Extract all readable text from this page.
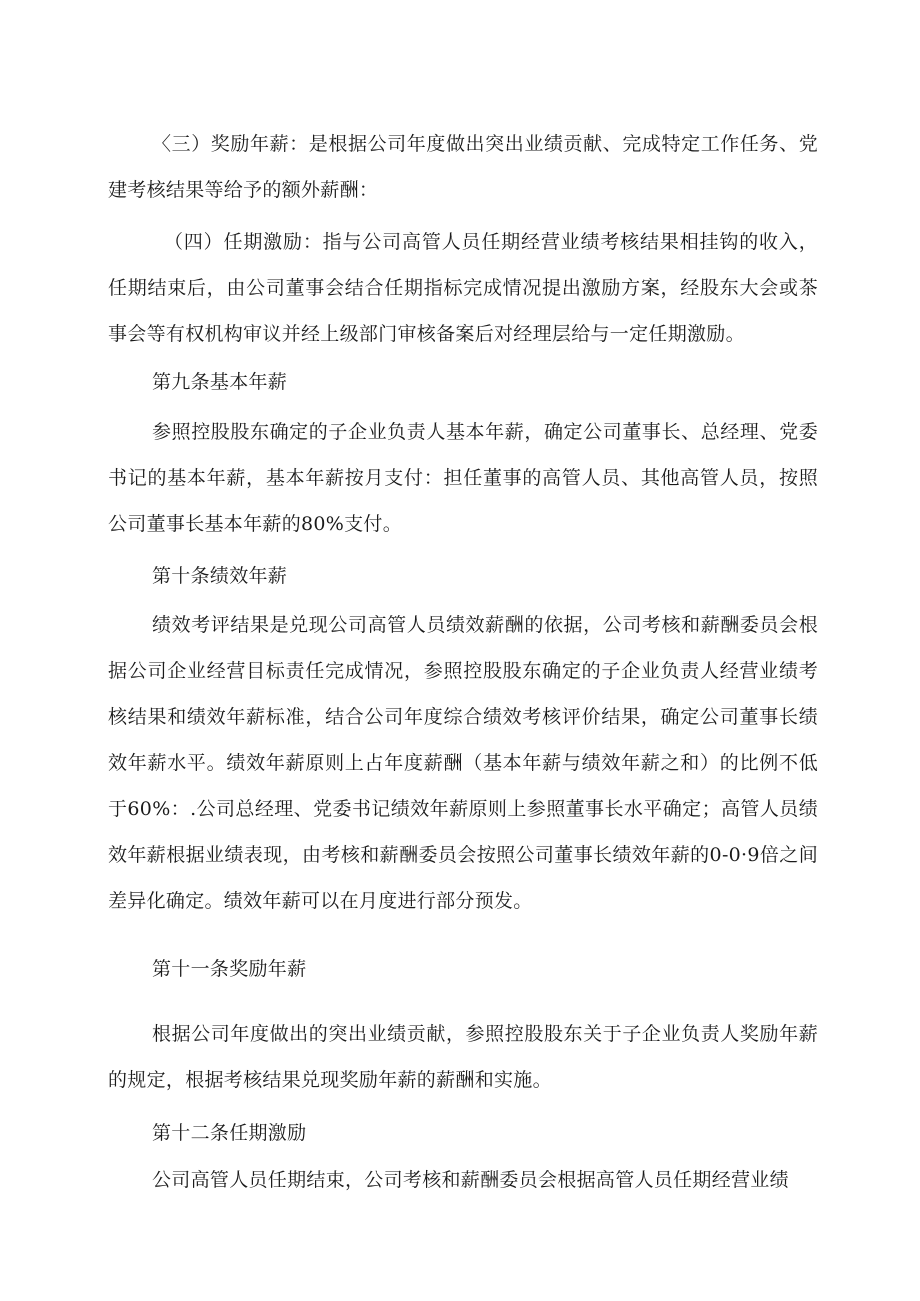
〈三）奖励年薪：是根据公司年度做出突出业绩贡献、完成特定工作任务、党建考核结果等给予的额外薪酬：

（四）任期激励：指与公司高管人员任期经营业绩考核结果相挂钩的收入，任期结束后，由公司董事会结合任期指标完成情况提出激励方案，经股东大会或茶事会等有权机构审议并经上级部门审核备案后对经理层给与一定任期激励。

第九条基本年薪

参照控股股东确定的子企业负责人基本年薪，确定公司董事长、总经理、党委书记的基本年薪，基本年薪按月支付：担任董事的高管人员、其他高管人员，按照公司董事长基本年薪的80%支付。

第十条绩效年薪

绩效考评结果是兑现公司高管人员绩效薪酬的依据，公司考核和薪酬委员会根据公司企业经营目标责任完成情况，参照控股股东确定的子企业负责人经营业绩考核结果和绩效年薪标准，结合公司年度综合绩效考核评价结果，确定公司董事长绩效年薪水平。绩效年薪原则上占年度薪酬（基本年薪与绩效年薪之和）的比例不低于60%：.公司总经理、党委书记绩效年薪原则上参照董事长水平确定；高管人员绩效年薪根据业绩表现，由考核和薪酬委员会按照公司董事长绩效年薪的0-0·9倍之间差异化确定。绩效年薪可以在月度进行部分预发。

第十一条奖励年薪

根据公司年度做出的突出业绩贡献，参照控股股东关于子企业负责人奖励年薪的规定，根据考核结果兑现奖励年薪的薪酬和实施。

第十二条任期激励

公司高管人员任期结束，公司考核和薪酬委员会根据高管人员任期经营业绩
